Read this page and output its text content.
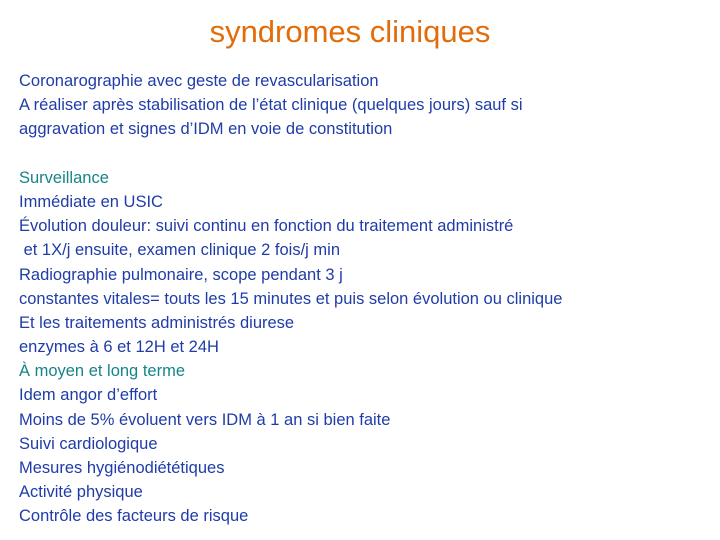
syndromes cliniques
Coronarographie avec geste de revascularisation
A réaliser après stabilisation de l’état clinique (quelques jours) sauf si
aggravation et signes d’IDM en voie de constitution
Surveillance
Immédiate en USIC
Évolution douleur: suivi continu en fonction du traitement administré
et 1X/j ensuite, examen clinique 2 fois/j min
Radiographie pulmonaire, scope pendant 3 j
constantes vitales= touts les 15 minutes et puis selon évolution ou clinique
Et les traitements administrés diurese
enzymes à 6 et 12H et 24H
À moyen et long terme
Idem angor d’effort
Moins de 5% évoluent vers IDM à 1 an si bien faite
Suivi cardiologique
Mesures hygiénodiététiques
Activité physique
Contrôle des facteurs de risque
